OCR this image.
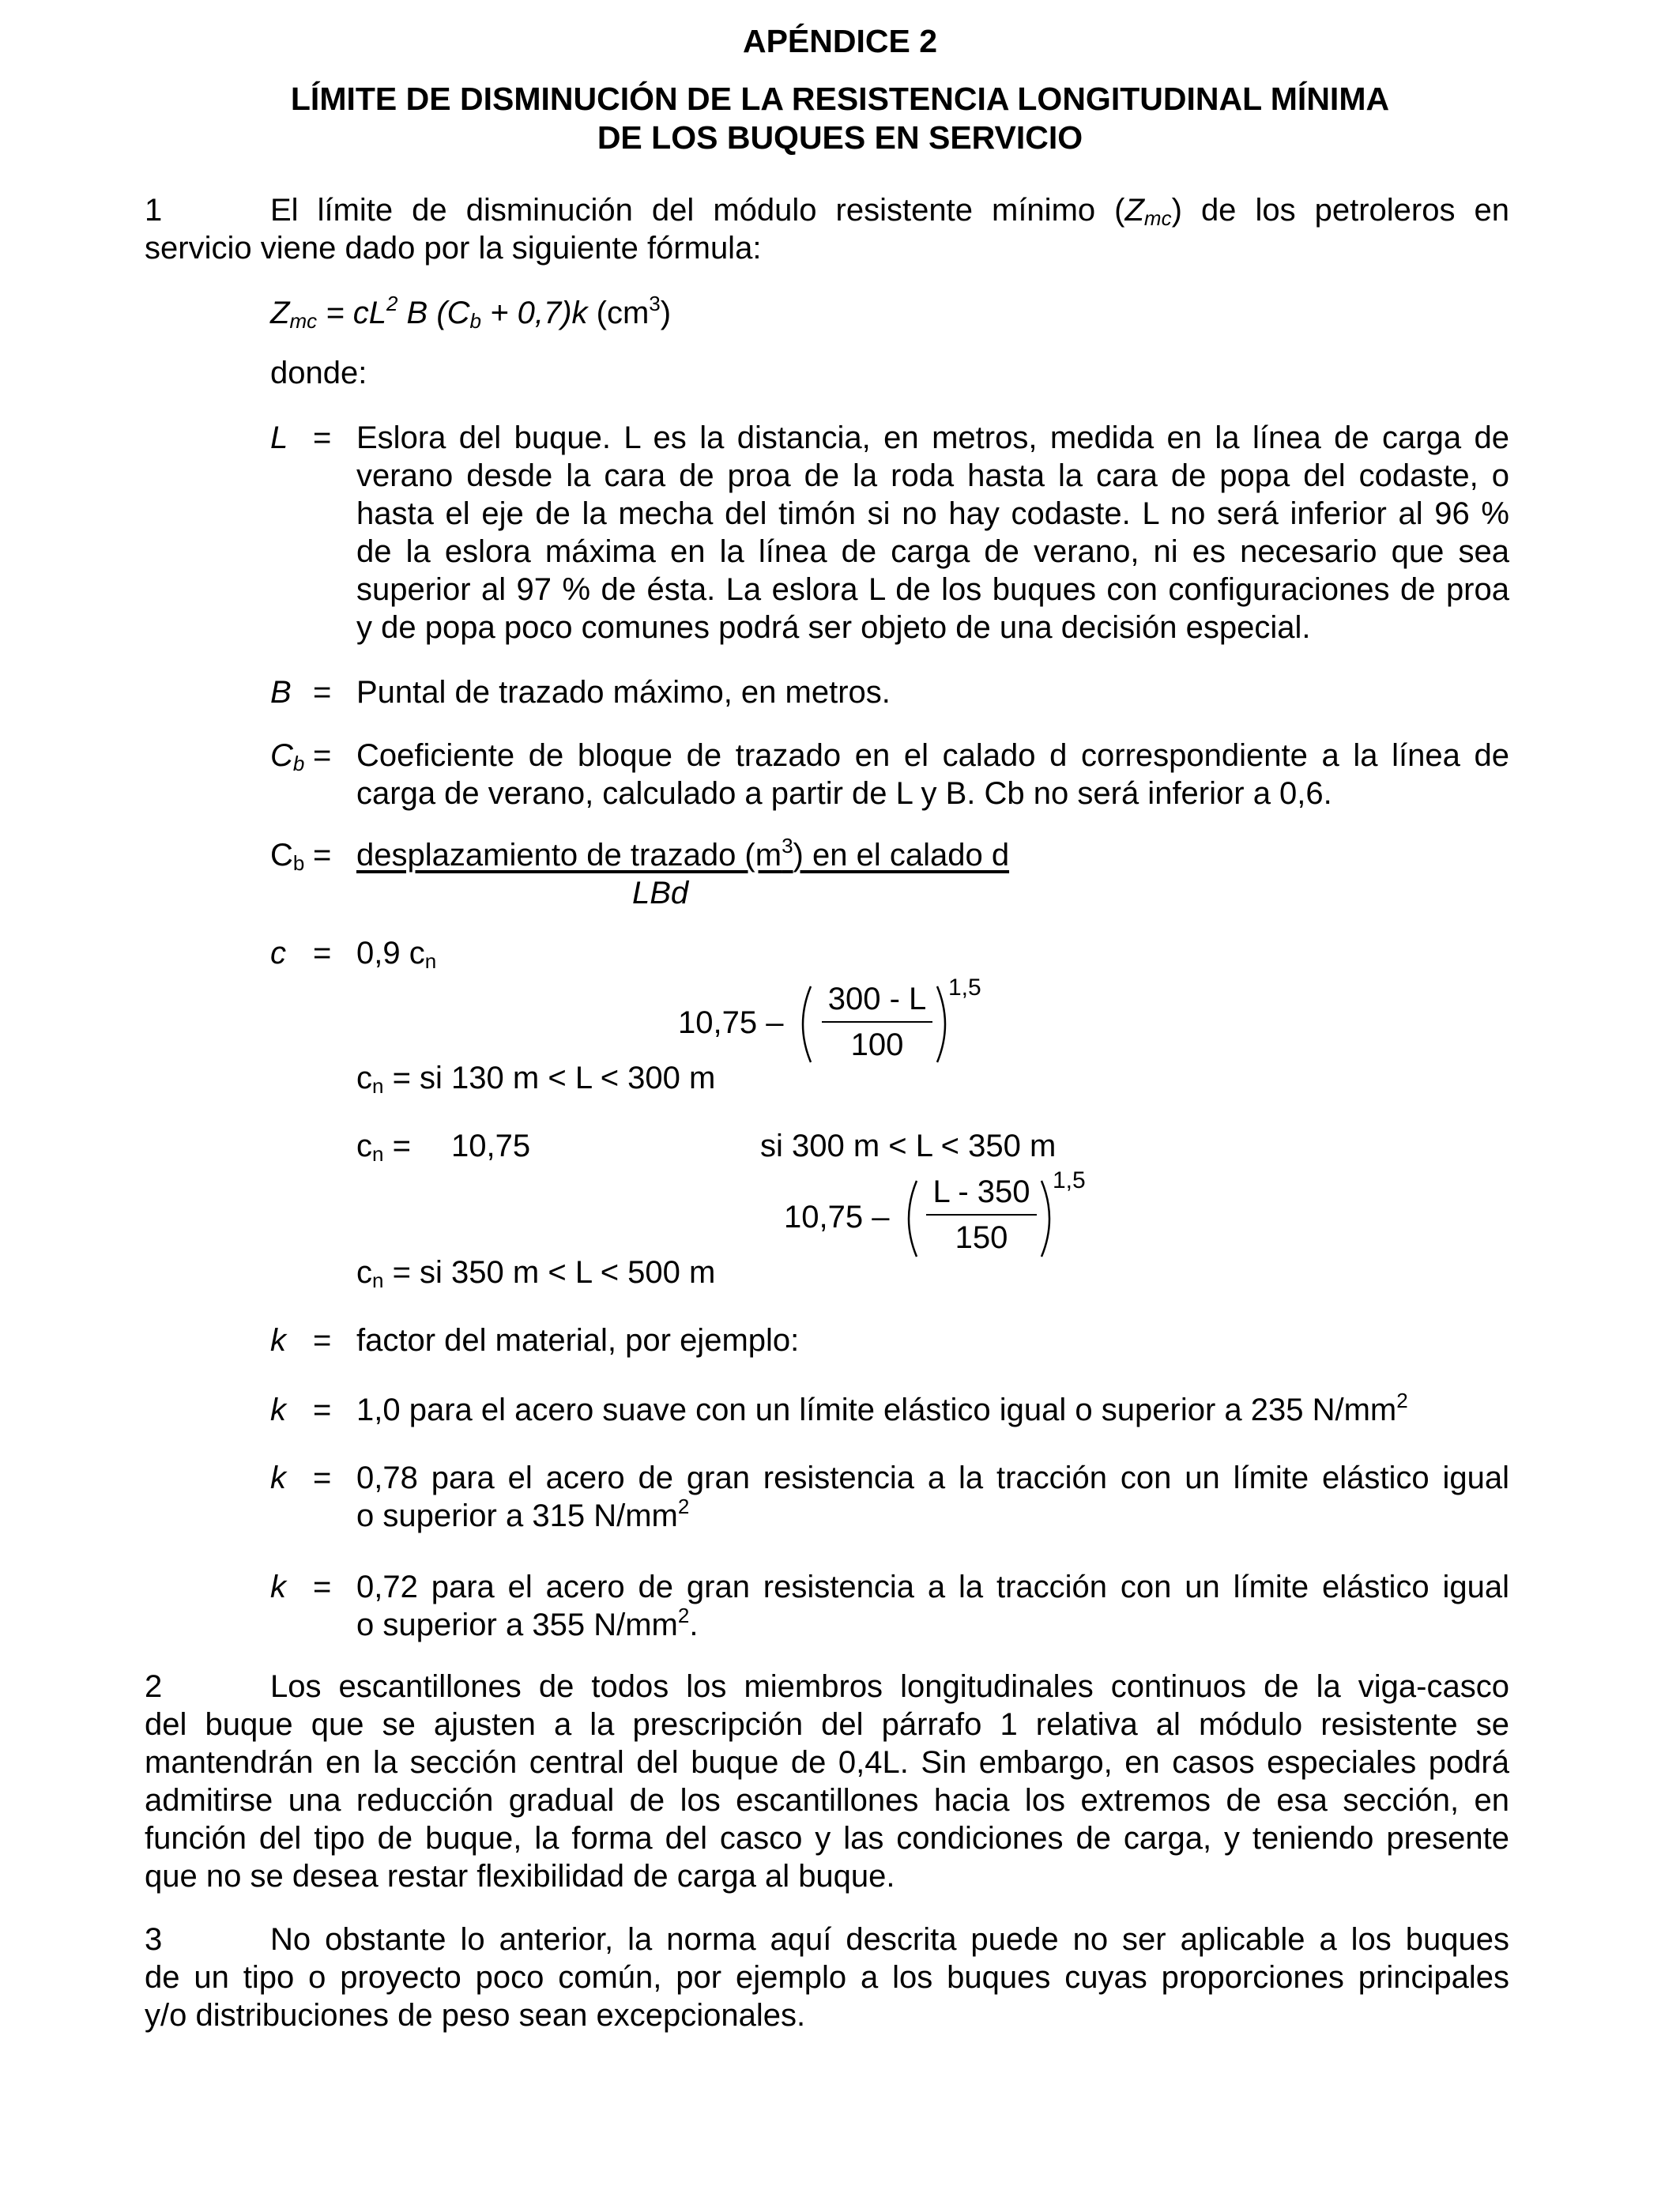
APÉNDICE 2
LÍMITE DE DISMINUCIÓN DE LA RESISTENCIA LONGITUDINAL MÍNIMA
DE LOS BUQUES EN SERVICIO
1	El límite de disminución del módulo resistente mínimo $(Z_{mc})$ de los petroleros en
servicio viene dado por la siguiente fórmula:
$Z_{mc} = cL^2$ B $(C_b + 0,7)k$ $(cm^3)$
donde:
L = Eslora del buque. L es la distancia, en metros, medida en la línea de carga de
verano desde la cara de proa de la roda hasta la cara de popa del codaste, o
hasta el eje de la mecha del timón si no hay codaste. L no será inferior al 96 %
de la eslora máxima en la línea de carga de verano, ni es necesario que sea
superior al 97 % de ésta. La eslora L de los buques con configuraciones de proa
y de popa poco comunes podrá ser objeto de una decisión especial.
B = Puntal de trazado máximo, en metros.
$C_b$ = Coeficiente de bloque de trazado en el calado d correspondiente a la línea de
carga de verano, calculado a partir de L y B. Cb no será inferior a 0,6.
$C_b$ = desplazamiento de trazado $(m^3)$ en el calado d
LBd
c = 0,9 $c_n$
10,75 –
300 - L
100
1,5
$c_n$ = si 130 m < L < 300 m
$c_n = 10,75$	si 300 m < L < 350 m
10,75 –
L - 350
150
1,5
$c_n$ = si 350 m < L < 500 m
k = factor del material, por ejemplo:
k = 1,0 para el acero suave con un límite elástico igual o superior a 235 $N/mm^2$
k = 0,78 para el acero de gran resistencia a la tracción con un límite elástico igual
o superior a 315 $N/mm^2$
k = 0,72 para el acero de gran resistencia a la tracción con un límite elástico igual
o superior a 355 $N/mm^2$.
2	Los escantillones de todos los miembros longitudinales continuos de la viga-casco
del buque que se ajusten a la prescripción del párrafo 1 relativa al módulo resistente se
mantendrán en la sección central del buque de 0,4L. Sin embargo, en casos especiales podrá
admitirse una reducción gradual de los escantillones hacia los extremos de esa sección, en
función del tipo de buque, la forma del casco y las condiciones de carga, y teniendo presente
que no se desea restar flexibilidad de carga al buque.
3	No obstante lo anterior, la norma aquí descrita puede no ser aplicable a los buques
de un tipo o proyecto poco común, por ejemplo a los buques cuyas proporciones principales
y/o distribuciones de peso sean excepcionales.
